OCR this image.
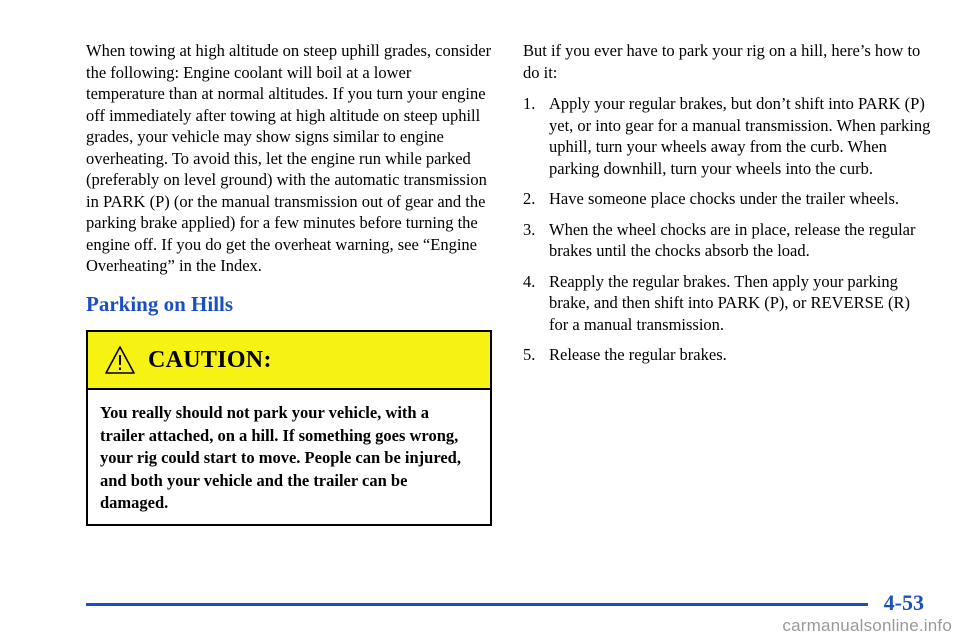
When towing at high altitude on steep uphill grades, consider the following: Engine coolant will boil at a lower temperature than at normal altitudes. If you turn your engine off immediately after towing at high altitude on steep uphill grades, your vehicle may show signs similar to engine overheating. To avoid this, let the engine run while parked (preferably on level ground) with the automatic transmission in PARK (P) (or the manual transmission out of gear and the parking brake applied) for a few minutes before turning the engine off. If you do get the overheat warning, see “Engine Overheating” in the Index.

Parking on Hills
CAUTION:

You really should not park your vehicle, with a trailer attached, on a hill. If something goes wrong, your rig could start to move. People can be injured, and both your vehicle and the trailer can be damaged.

But if you ever have to park your rig on a hill, here’s how to do it:

1. Apply your regular brakes, but don’t shift into PARK (P) yet, or into gear for a manual transmission. When parking uphill, turn your wheels away from the curb. When parking downhill, turn your wheels into the curb.
2. Have someone place chocks under the trailer wheels.
3. When the wheel chocks are in place, release the regular brakes until the chocks absorb the load.
4. Reapply the regular brakes. Then apply your parking brake, and then shift into PARK (P), or REVERSE (R) for a manual transmission.
5. Release the regular brakes.
4-53
carmanualsonline.info
